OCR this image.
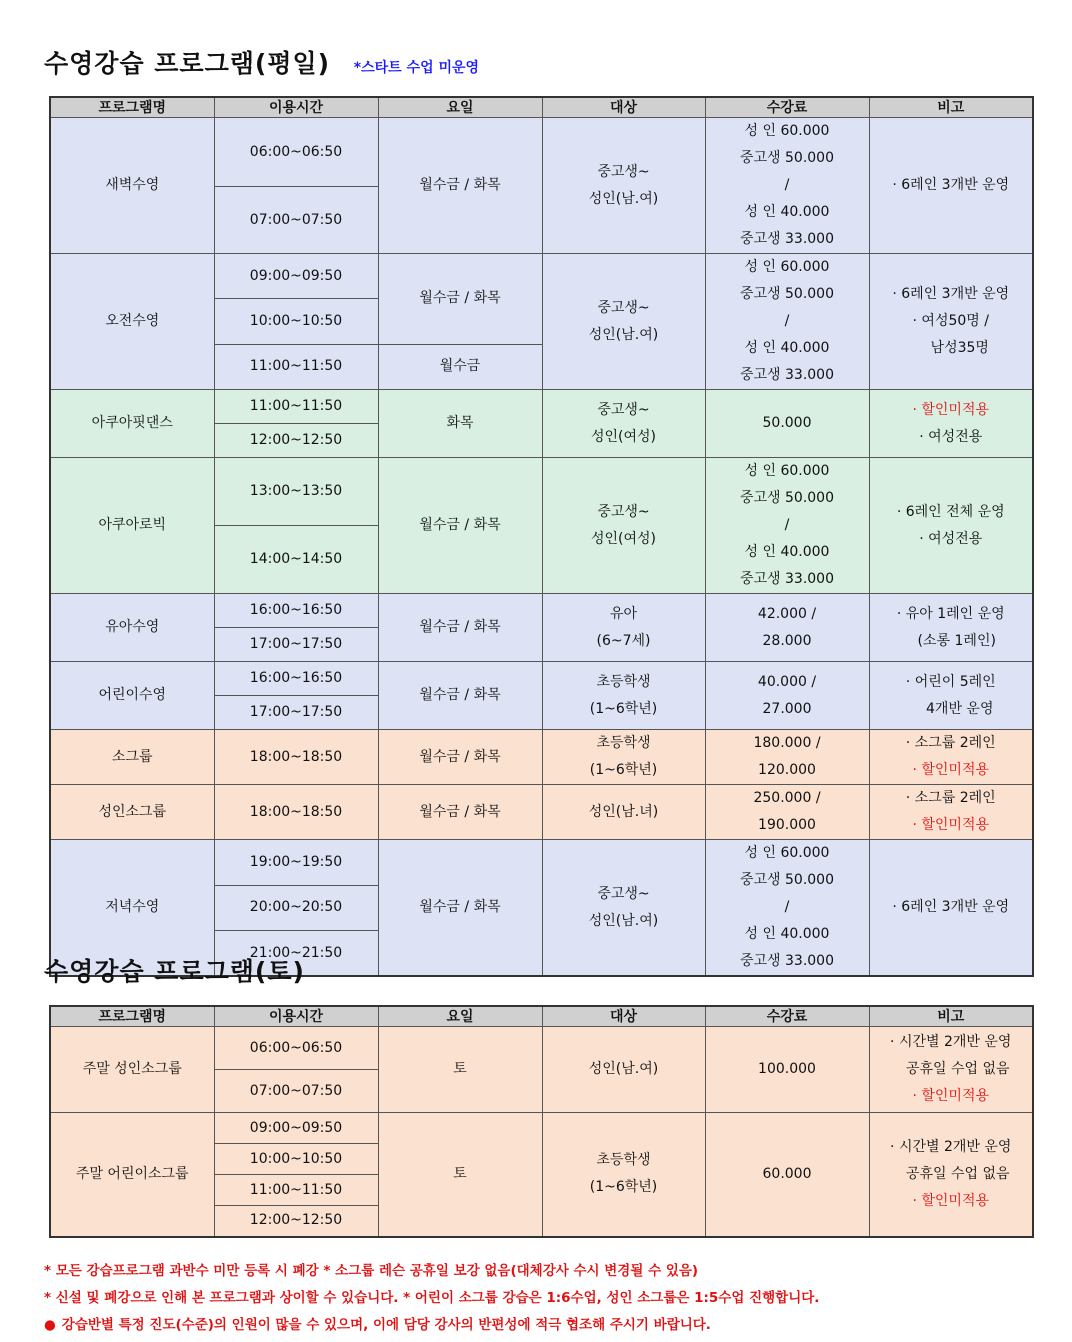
수영강습 프로그램(평일) *스타트 수업 미운영
프로그램명	이용시간	요일	대상	수강료	비고
새벽수영	06:00~06:50	월수금 / 화목	중고생~
성인(남.여)	성 인 60.000
중고생 50.000
/
성 인 40.000
중고생 33.000	· 6레인 3개반 운영

	07:00~07:50				
오전수영	09:00~09:50	월수금 / 화목	중고생~
성인(남.여)	성 인 60.000
중고생 50.000
/
성 인 40.000
중고생 33.000	· 6레인 3개반 운영
· 여성50명 /
남성35명

	10:00~10:50				
	11:00~11:50	월수금			
아쿠아핏댄스	11:00~11:50	화목	중고생~
성인(여성)	50.000	· 할인미적용
· 여성전용

	12:00~12:50				
아쿠아로빅	13:00~13:50	월수금 / 화목	중고생~
성인(여성)	성 인 60.000
중고생 50.000
/
성 인 40.000
중고생 33.000	· 6레인 전체 운영
· 여성전용

	14:00~14:50				
유아수영	16:00~16:50	월수금 / 화목	유아
(6~7세)	42.000 /
28.000	· 유아 1레인 운영
(소롱 1레인)

	17:00~17:50				
어린이수영	16:00~16:50	월수금 / 화목	초등학생
(1~6학년)	40.000 /
27.000	· 어린이 5레인
4개반 운영

	17:00~17:50				
소그룹	18:00~18:50	월수금 / 화목	초등학생
(1~6학년)	180.000 /
120.000	· 소그룹 2레인
· 할인미적용

성인소그룹	18:00~18:50	월수금 / 화목	성인(남.녀)	250.000 /
190.000	· 소그룹 2레인
· 할인미적용

저녁수영	19:00~19:50	월수금 / 화목	중고생~
성인(남.여)	성 인 60.000
중고생 50.000
/
성 인 40.000
중고생 33.000	· 6레인 3개반 운영

	20:00~20:50				
	21:00~21:50				
수영강습 프로그램(토)
프로그램명	이용시간	요일	대상	수강료	비고
주말 성인소그룹	06:00~06:50	토	성인(남.여)	100.000	· 시간별 2개반 운영
공휴일 수업 없음
· 할인미적용

	07:00~07:50				
주말 어린이소그룹	09:00~09:50	토	초등학생
(1~6학년)	60.000	· 시간별 2개반 운영
공휴일 수업 없음
· 할인미적용

	10:00~10:50				
	11:00~11:50				
	12:00~12:50				
* 모든 강습프로그램 과반수 미만 등록 시 폐강 * 소그룹 레슨 공휴일 보강 없음(대체강사 수시 변경될 수 있음)
* 신설 및 폐강으로 인해 본 프로그램과 상이할 수 있습니다. * 어린이 소그룹 강습은 1:6수업, 성인 소그룹은 1:5수업 진행합니다.
● 강습반별 특정 진도(수준)의 인원이 많을 수 있으며, 이에 담당 강사의 반편성에 적극 협조해 주시기 바랍니다.
